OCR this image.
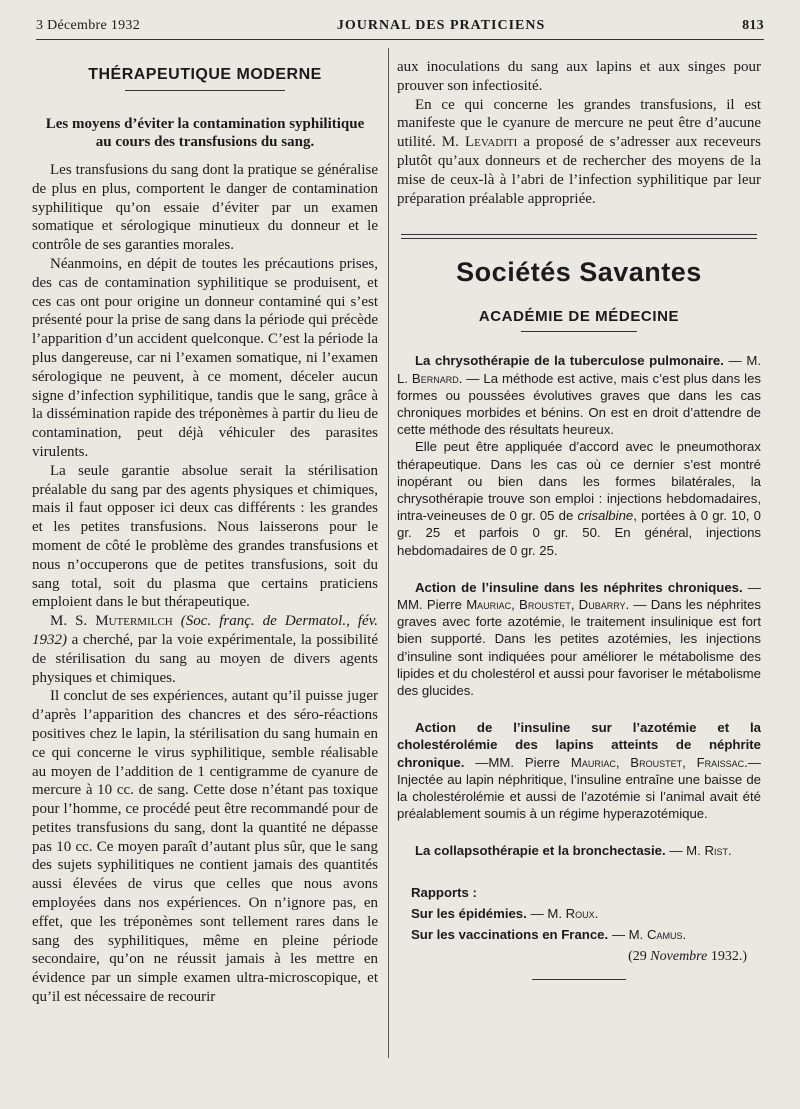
3 Décembre 1932	JOURNAL DES PRATICIENS	813
THÉRAPEUTIQUE MODERNE
Les moyens d’éviter la contamination syphilitique au cours des transfusions du sang.

Les transfusions du sang dont la pratique se généralise de plus en plus, comportent le danger de contamination syphilitique qu’on essaie d’éviter par un examen somatique et sérologique minutieux du donneur et le contrôle de ses garanties morales.

Néanmoins, en dépit de toutes les précautions prises, des cas de contamination syphilitique se produisent, et ces cas ont pour origine un donneur contaminé qui s’est présenté pour la prise de sang dans la période qui précède l’apparition d’un accident quelconque. C’est la période la plus dangereuse, car ni l’examen somatique, ni l’examen sérologique ne peuvent, à ce moment, déceler aucun signe d’infection syphilitique, tandis que le sang, grâce à la dissémination rapide des tréponèmes à partir du lieu de contamination, peut déjà véhiculer des parasites virulents.

La seule garantie absolue serait la stérilisation préalable du sang par des agents physiques et chimiques, mais il faut opposer ici deux cas différents : les grandes et les petites transfusions. Nous laisserons pour le moment de côté le problème des grandes transfusions et nous n’occuperons que de petites transfusions, soit du sang total, soit du plasma que certains praticiens emploient dans le but thérapeutique.

M. S. Mutermilch (Soc. franç. de Dermatol., fév. 1932) a cherché, par la voie expérimentale, la possibilité de stérilisation du sang au moyen de divers agents physiques et chimiques.

Il conclut de ses expériences, autant qu’il puisse juger d’après l’apparition des chancres et des séro-réactions positives chez le lapin, la stérilisation du sang humain en ce qui concerne le virus syphilitique, semble réalisable au moyen de l’addition de 1 centigramme de cyanure de mercure à 10 cc. de sang. Cette dose n’étant pas toxique pour l’homme, ce procédé peut être recommandé pour de petites transfusions du sang, dont la quantité ne dépasse pas 10 cc. Ce moyen paraît d’autant plus sûr, que le sang des sujets syphilitiques ne contient jamais des quantités aussi élevées de virus que celles que nous avons employées dans nos expériences. On n’ignore pas, en effet, que les tréponèmes sont tellement rares dans le sang des syphilitiques, même en pleine période secondaire, qu’on ne réussit jamais à les mettre en évidence par un simple examen ultra-microscopique, et qu’il est nécessaire de recourir

aux inoculations du sang aux lapins et aux singes pour prouver son infectiosité.

En ce qui concerne les grandes transfusions, il est manifeste que le cyanure de mercure ne peut être d’aucune utilité. M. Levaditi a proposé de s’adresser aux receveurs plutôt qu’aux donneurs et de rechercher des moyens de la mise de ceux-là à l’abri de l’infection syphilitique par leur préparation préalable appropriée.

Sociétés Savantes
ACADÉMIE DE MÉDECINE

La chrysothérapie de la tuberculose pulmonaire. — M. L. Bernard. — La méthode est active, mais c’est plus dans les formes ou poussées évolutives graves que dans les cas chroniques morbides et bénins. On est en droit d’attendre de cette méthode des résultats heureux.

Elle peut être appliquée d’accord avec le pneumothorax thérapeutique. Dans les cas où ce dernier s’est montré inopérant ou bien dans les formes bilatérales, la chrysothérapie trouve son emploi : injections hebdomadaires, intra-veineuses de 0 gr. 05 de crisalbine, portées à 0 gr. 10, 0 gr. 25 et parfois 0 gr. 50. En général, injections hebdomadaires de 0 gr. 25.

Action de l’insuline dans les néphrites chroniques. — MM. Pierre Mauriac, Broustet, Dubarry. — Dans les néphrites graves avec forte azotémie, le traitement insulinique est fort bien supporté. Dans les petites azotémies, les injections d’insuline sont indiquées pour améliorer le métabolisme des lipides et du cholestérol et aussi pour favoriser le métabolisme des glucides.

Action de l’insuline sur l’azotémie et la cholestérolémie des lapins atteints de néphrite chronique. —MM. Pierre Mauriac, Broustet, Fraissac.—Injectée au lapin néphritique, l’insuline entraîne une baisse de la cholestérolémie et aussi de l’azotémie si l’animal avait été préalablement soumis à un régime hyperazotémique.

La collapsothérapie et la bronchectasie. — M. Rist.

Rapports :
Sur les épidémies. — M. Roux.
Sur les vaccinations en France. — M. Camus.
(29 Novembre 1932.)
